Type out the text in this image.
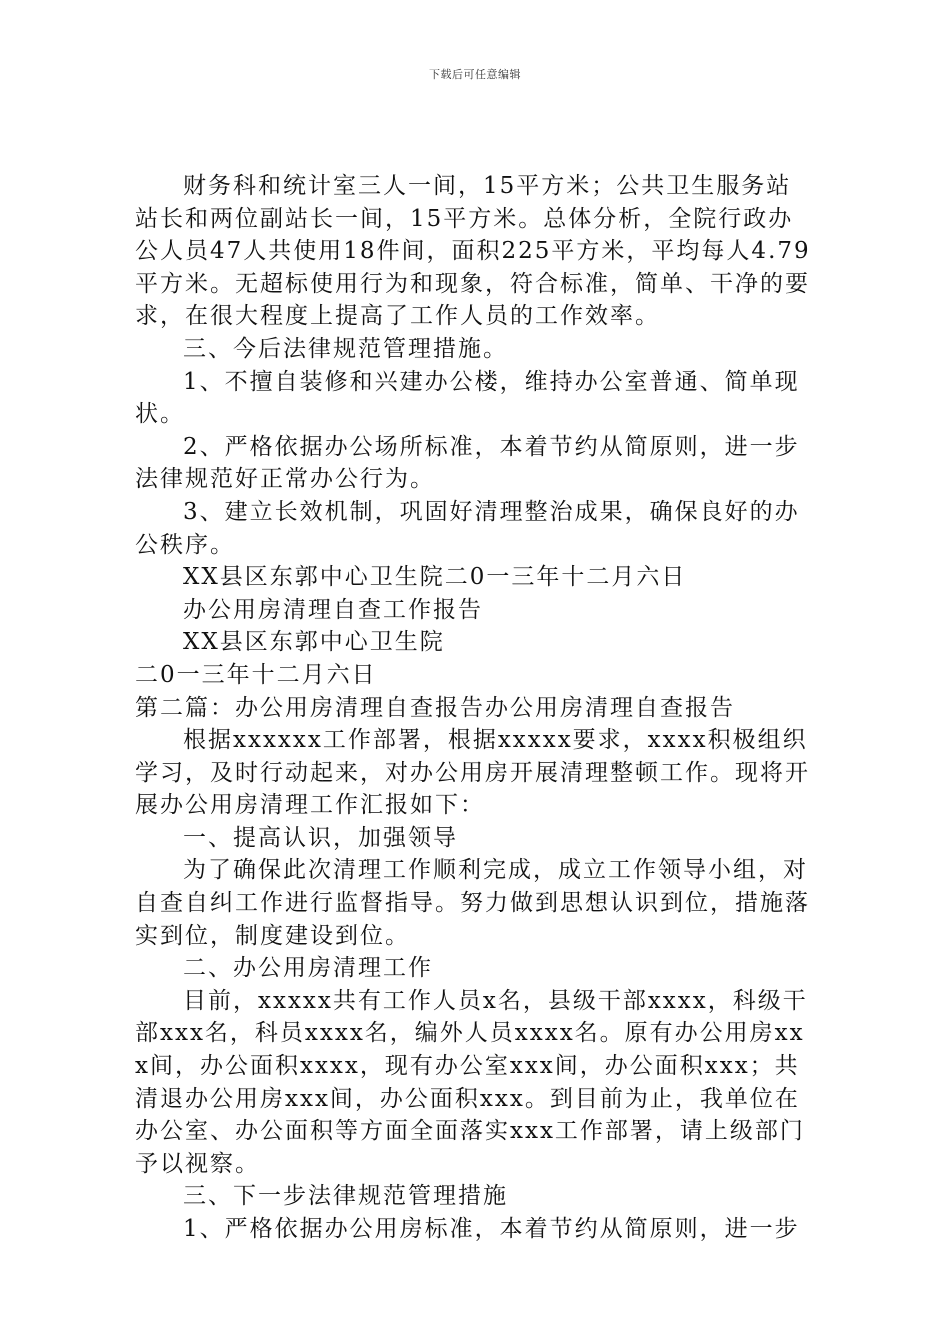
下载后可任意编辑

财务科和统计室三人一间，15平方米；公共卫生服务站站长和两位副站长一间，15平方米。总体分析，全院行政办公人员47人共使用18件间，面积225平方米，平均每人4.79平方米。无超标使用行为和现象，符合标准，简单、干净的要求，在很大程度上提高了工作人员的工作效率。

三、今后法律规范管理措施。

1、不擅自装修和兴建办公楼，维持办公室普通、简单现状。

2、严格依据办公场所标准，本着节约从简原则，进一步法律规范好正常办公行为。

3、建立长效机制，巩固好清理整治成果，确保良好的办公秩序。

XX县区东郭中心卫生院二0一三年十二月六日

办公用房清理自查工作报告

XX县区东郭中心卫生院

二0一三年十二月六日

第二篇：办公用房清理自查报告办公用房清理自查报告

根据xxxxxx工作部署，根据xxxxx要求，xxxx积极组织学习，及时行动起来，对办公用房开展清理整顿工作。现将开展办公用房清理工作汇报如下：

一、提高认识，加强领导

为了确保此次清理工作顺利完成，成立工作领导小组，对自查自纠工作进行监督指导。努力做到思想认识到位，措施落实到位，制度建设到位。

二、办公用房清理工作

目前，xxxxx共有工作人员x名，县级干部xxxx，科级干部xxx名，科员xxxx名，编外人员xxxx名。原有办公用房xxx间，办公面积xxxx，现有办公室xxx间，办公面积xxx；共清退办公用房xxx间，办公面积xxx。到目前为止，我单位在办公室、办公面积等方面全面落实xxx工作部署，请上级部门予以视察。

三、下一步法律规范管理措施

1、严格依据办公用房标准，本着节约从简原则，进一步
